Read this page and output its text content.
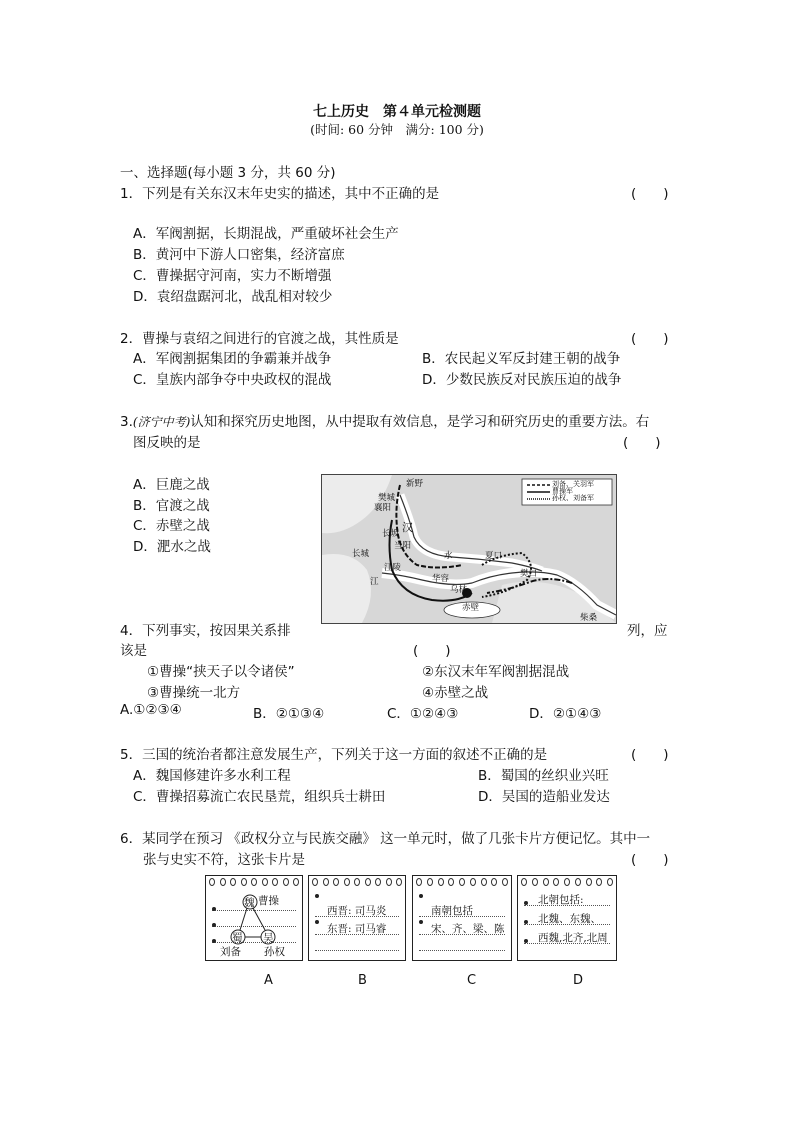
七上历史　第４单元检测题
(时间: 60 分钟　满分: 100 分)
一、选择题(每小题 3 分，共 60 分)
1．下列是有关东汉末年史实的描述，其中不正确的是	(　　)
A．军阀割据，长期混战，严重破坏社会生产
B．黄河中下游人口密集，经济富庶
C．曹操据守河南，实力不断增强
D．袁绍盘踞河北，战乱相对较少
2．曹操与袁绍之间进行的官渡之战，其性质是	(　　)
A．军阀割据集团的争霸兼并战争	B．农民起义军反封建王朝的战争
C．皇族内部争夺中央政权的混战	D．少数民族反对民族压迫的战争
3.(济宁中考)认知和探究历史地图，从中提取有效信息，是学习和研究历史的重要方法。右
图反映的是	(　　)
A．巨鹿之战
B．官渡之战
C．赤壁之战
D．淝水之战
刘备、关羽军
曹操军
孙权、刘备军
新野
樊城
襄阳
汉
长坂
当阳
长城
江陵
水	夏口
江	华容
乌林
赤壁
樊口
柴桑
4．下列事实，按因果关系排	列，应
该是	(　　)
①曹操“挟天子以令诸侯”	②东汉末年军阀割据混战
③曹操统一北方	④赤壁之战
A.①②③④	B．②①③④	C．①②④③	D．②①④③
5．三国的统治者都注意发展生产，下列关于这一方面的叙述不正确的是	(　　)
A．魏国修建许多水利工程	B．蜀国的丝织业兴旺
C．曹操招募流亡农民垦荒，组织兵士耕田	D．吴国的造船业发达
6．某同学在预习 《政权分立与民族交融》 这一单元时，做了几张卡片方便记忆。其中一
张与史实不符，这张卡片是	(　　)
魏 曹操
蜀 吴
刘备 孙权
西晋: 司马炎
东晋: 司马睿
南朝包括
宋、齐、梁、陈
北朝包括:
北魏、东魏、
西魏,北齐,北周
A	B	C	D
